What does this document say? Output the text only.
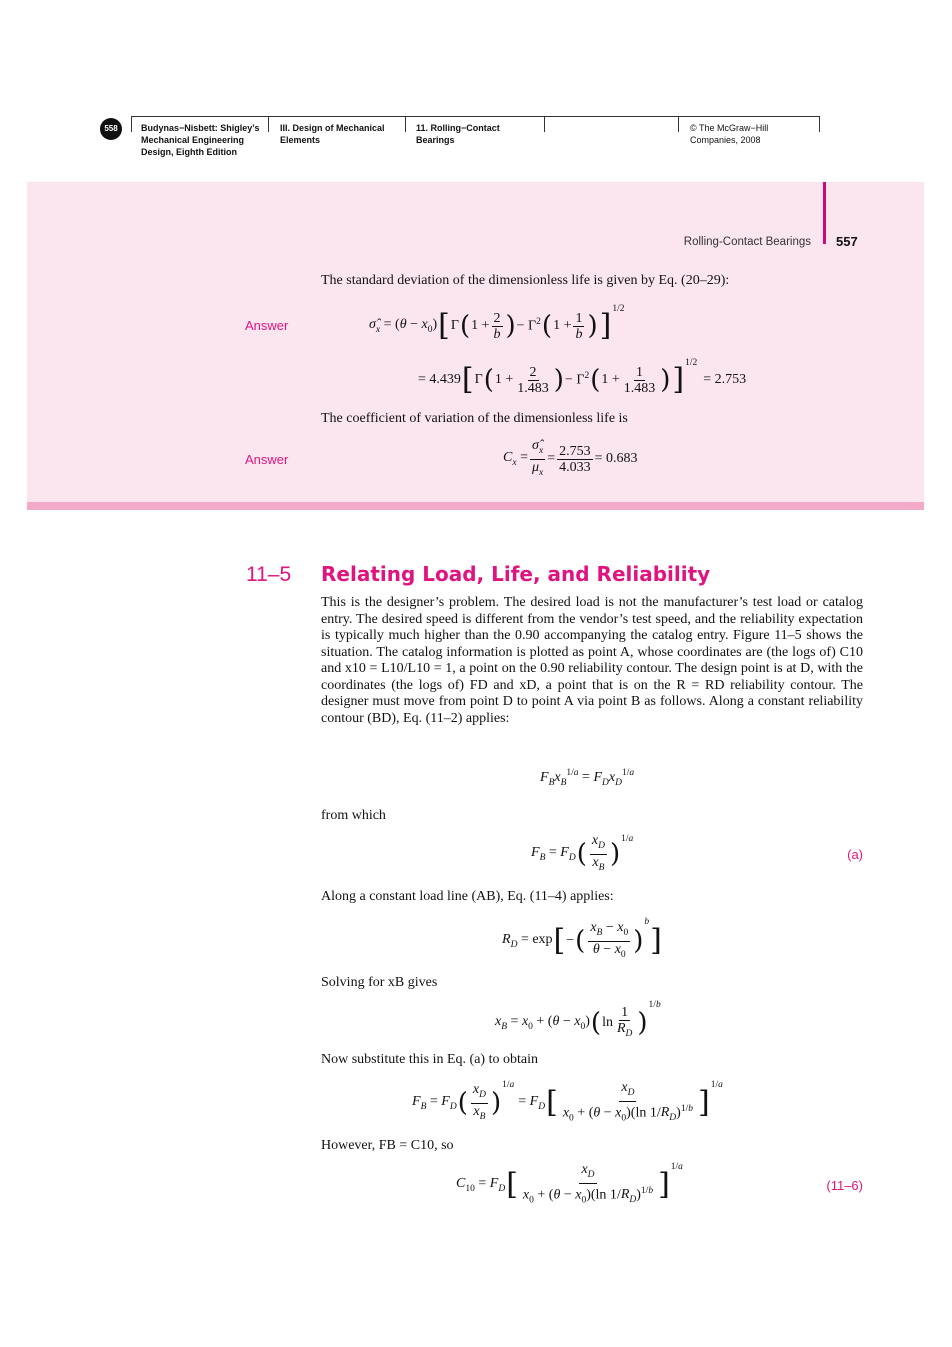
558	Budynas−Nisbett: Shigley’s
Mechanical Engineering
Design, Eighth Edition
III. Design of Mechanical
Elements
11. Rolling−Contact
Bearings
© The McGraw−Hill
Companies, 2008
Rolling-Contact Bearings 557
The standard deviation of the dimensionless life is given by Eq. (20–29):
Answer	$\sigmâ_x = (\theta - x_0)$ [ Γ ( $1 + \frac{2}{b}$ ) − $\Gamma^2$ ( $1 + \frac{1}{b}$ ) ]$^{1/2}$
= 4.439 [ Γ ( $1 + \frac{2}{1.483}$ ) − $\Gamma^2$ ( $1 + \frac{1}{1.483}$ ) ]$^{1/2}$
= 2.753
The coefficient of variation of the dimensionless life is
Answer	$C_x = \frac{\sigmâ_x}{\mu_x} = \frac{2.753}{4.033} = 0.683$
11–5 Relating Load, Life, and Reliability
This is the designer’s problem. The desired load is not the manufacturer’s test load or catalog entry. The desired speed is different from the vendor’s test speed, and the reliability expectation is typically much higher than the 0.90 accompanying the catalog entry. Figure 11–5 shows the situation. The catalog information is plotted as point A, whose coordinates are (the logs of) C10 and x10 = L10/L10 = 1, a point on the 0.90 reliability contour. The design point is at D, with the coordinates (the logs of) FD and xD, a point that is on the R = RD reliability contour. The designer must move from point D to point A via point B as follows. Along a constant reliability contour (BD), Eq. (11–2) applies:
$F_Bx_B^{1/a} = F_Dx_D^{1/a}$
from which
$F_B = F_D$ ( $\frac{x_D}{x_B} )^{1/a}$
(a)
Along a constant load line (AB), Eq. (11–4) applies:
$R_D = \exp$ [ − ( $\frac{x_B - x_0}{\theta - x_0}$ )
b
]
Solving for xB gives
$x_B = x_0 + (\theta - x_0)$ ( $\ln \frac{1}{R_D}$ )
1/b
Now substitute this in Eq. (a) to obtain
$F_B = F_D$ ( $\frac{x_D}{x_B}$ )
1/a
= $F_D$ [ $\frac{x_D}{x_0 + (\theta - x_0)(\ln 1/R_D)^{1/b}} ]^{1/a}$
However, FB = C10, so
$C_{10} = F_D$ [ $\frac{x_D}{x_0 + (\theta - x_0)(\ln 1/R_D)^{1/b}} ]^{1/a}$
(11–6)
